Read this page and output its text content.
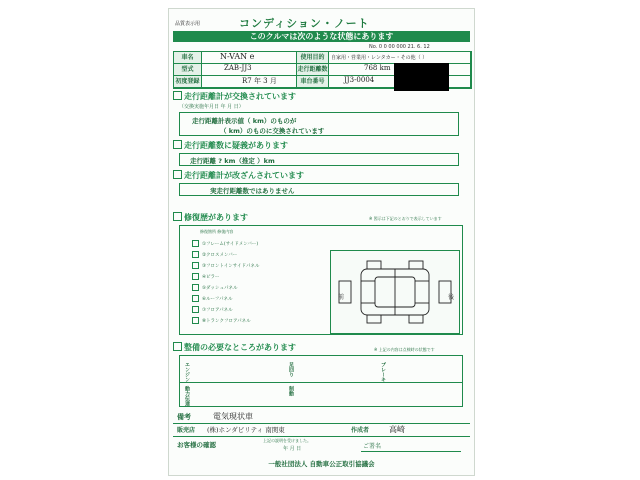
品質表示用	コンディション・ノート
このクルマは次のような状態にあります
No. 0 0 00 000 21. 6. 12
車名	N-VAN e	使用目的	自家用・営業用・レンタカー・その他（ ）
型式	ZAB-JJ3	走行距離数	768 km
初度登録	R7 年 3 月	車台番号	JJ3-0004
走行距離計が交換されています
（交換実施年月日 年 月 日）
走行距離計表示値（ km）のものが
（ km）のものに交換されています
走行距離数に疑義があります
走行距離 ? km（推定 ）km
走行距離計が改ざんされています
実走行距離数ではありません
修復歴があります	※ 図示は下記のとおりで表示しています
修復箇所 修復内容
①フレーム(サイドメンバー)
②クロスメンバー
③フロントインサイドパネル
④ピラー
⑤ダッシュパネル
⑥ルーフパネル
⑦フロアパネル
⑧トランクフロアパネル
前	後
整備の必要なところがあります	※ 上記の内容は点検時の状態です
エンジン
動力伝達
足回り
制動
ブレーキ
備考	電気現状車
販売店 (株)ホンダビリティ 南関東	作成者 高崎
お客様の確認
上記の説明を受けました。
年 月 日	ご署名
一般社団法人 自動車公正取引協議会
